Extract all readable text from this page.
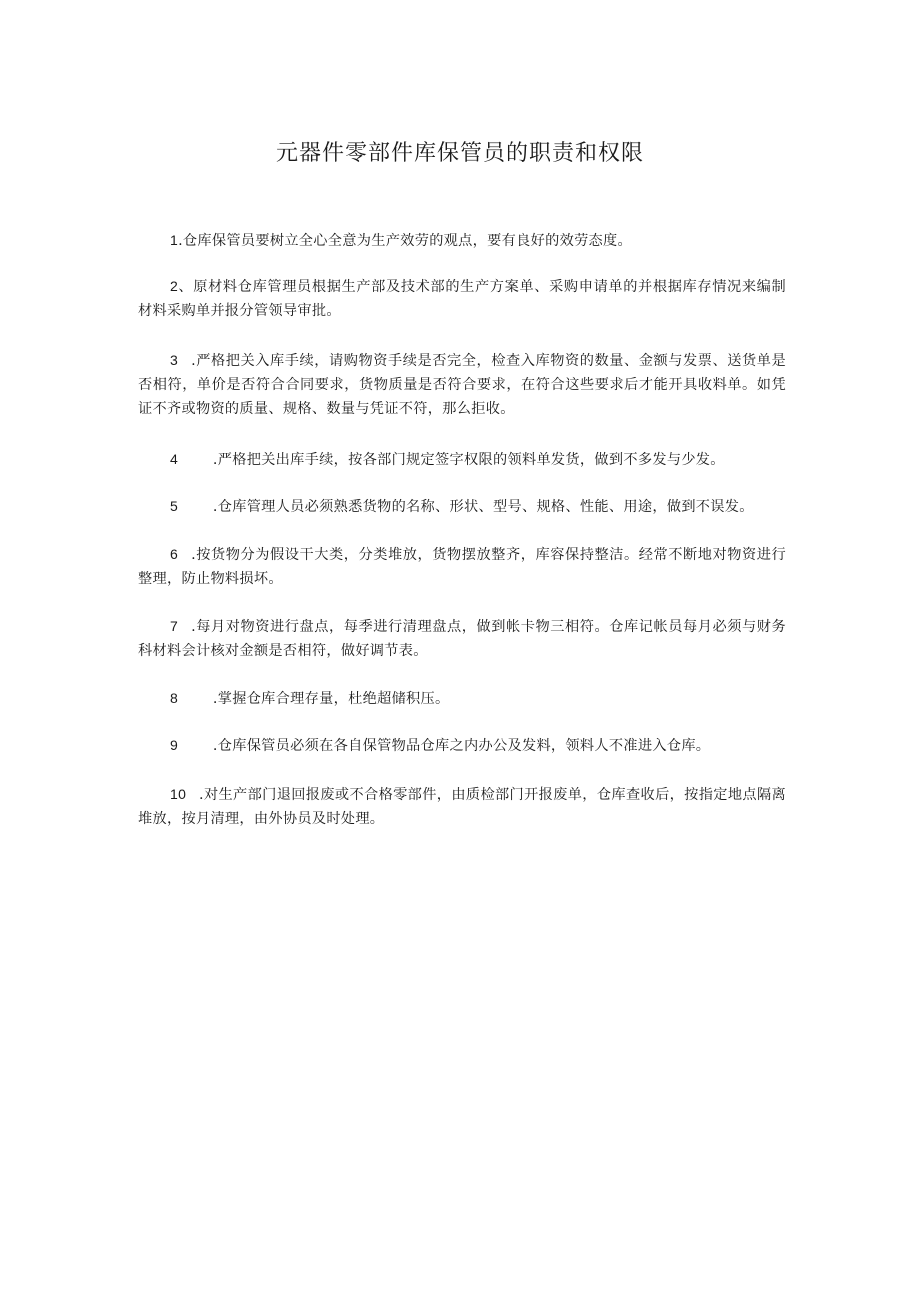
元器件零部件库保管员的职责和权限

1.仓库保管员要树立全心全意为生产效劳的观点，要有良好的效劳态度。

2、原材料仓库管理员根据生产部及技术部的生产方案单、采购申请单的并根据库存情况来编制材料采购单并报分管领导审批。

3 .严格把关入库手续，请购物资手续是否完全，检查入库物资的数量、金额与发票、送货单是否相符，单价是否符合合同要求，货物质量是否符合要求，在符合这些要求后才能开具收料单。如凭证不齐或物资的质量、规格、数量与凭证不符，那么拒收。

4 .严格把关出库手续，按各部门规定签字权限的领料单发货，做到不多发与少发。

5 .仓库管理人员必须熟悉货物的名称、形状、型号、规格、性能、用途，做到不误发。

6 .按货物分为假设干大类，分类堆放，货物摆放整齐，库容保持整洁。经常不断地对物资进行整理，防止物料损坏。

7 .每月对物资进行盘点，每季进行清理盘点，做到帐卡物三相符。仓库记帐员每月必须与财务科材料会计核对金额是否相符，做好调节表。

8 .掌握仓库合理存量，杜绝超储积压。

9 .仓库保管员必须在各自保管物品仓库之内办公及发料，领料人不准进入仓库。

10 .对生产部门退回报废或不合格零部件，由质检部门开报废单，仓库查收后，按指定地点隔离堆放，按月清理，由外协员及时处理。
